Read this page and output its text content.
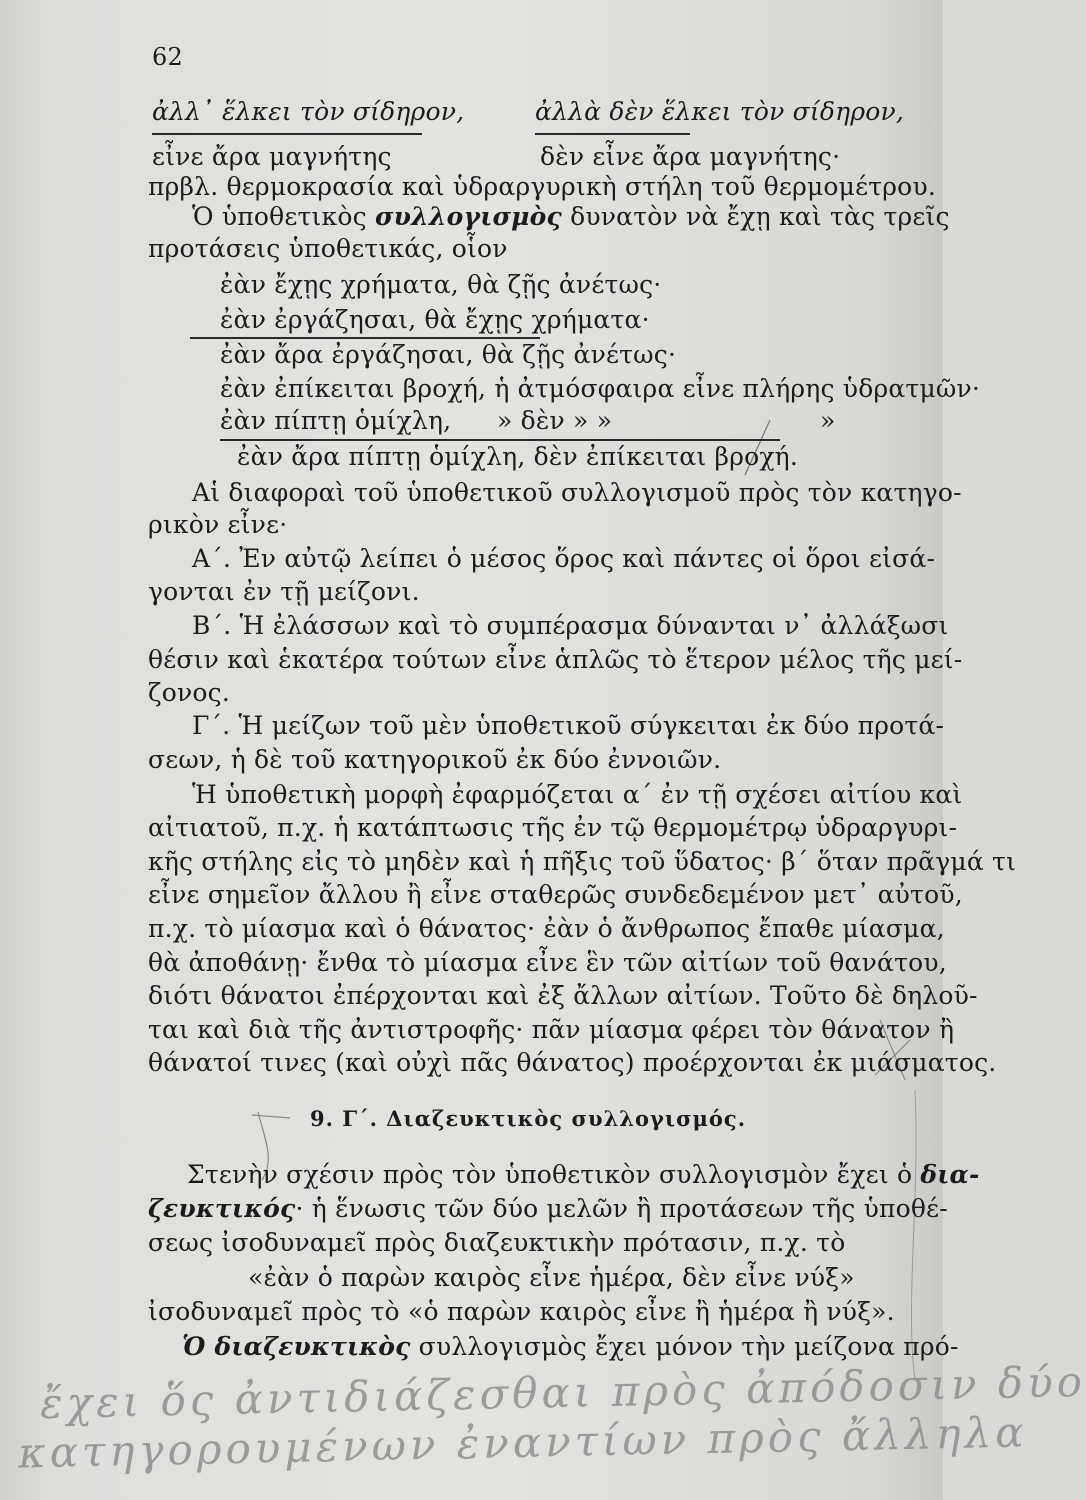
62
ἀλλ᾽ ἕλκει τὸν σίδηρον,	ἀλλὰ δὲν ἕλκει τὸν σίδηρον,
εἶνε ἄρα μαγνήτης	δὲν εἶνε ἄρα μαγνήτης·
πρβλ. θερμοκρασία καὶ ὑδραργυρικὴ στήλη τοῦ θερμομέτρου.
Ὁ ὑποθετικὸς συλλογισμὸς δυνατὸν νὰ ἔχῃ καὶ τὰς τρεῖς
προτάσεις ὑποθετικάς, οἷον
ἐὰν ἔχῃς χρήματα, θὰ ζῇς ἀνέτως·
ἐὰν ἐργάζησαι, θὰ ἔχῃς χρήματα·
ἐὰν ἄρα ἐργάζησαι, θὰ ζῇς ἀνέτως·
ἐὰν ἐπίκειται βροχή, ἡ ἀτμόσφαιρα εἶνε πλήρης ὑδρατμῶν·
ἐὰν πίπτῃ ὁμίχλη, » δὲν » »	»
ἐὰν ἄρα πίπτῃ ὁμίχλη, δὲν ἐπίκειται βροχή.
Αἱ διαφοραὶ τοῦ ὑποθετικοῦ συλλογισμοῦ πρὸς τὸν κατηγο-
ρικὸν εἶνε·
Α΄. Ἐν αὐτῷ λείπει ὁ μέσος ὅρος καὶ πάντες οἱ ὅροι εἰσά-
γονται ἐν τῇ μείζονι.
Β΄. Ἡ ἐλάσσων καὶ τὸ συμπέρασμα δύνανται ν᾽ ἀλλάξωσι
θέσιν καὶ ἑκατέρα τούτων εἶνε ἁπλῶς τὸ ἕτερον μέλος τῆς μεί-
ζονος.
Γ΄. Ἡ μείζων τοῦ μὲν ὑποθετικοῦ σύγκειται ἐκ δύο προτά-
σεων, ἡ δὲ τοῦ κατηγορικοῦ ἐκ δύο ἐννοιῶν.
Ἡ ὑποθετικὴ μορφὴ ἐφαρμόζεται α΄ ἐν τῇ σχέσει αἰτίου καὶ
αἰτιατοῦ, π.χ. ἡ κατάπτωσις τῆς ἐν τῷ θερμομέτρῳ ὑδραργυρι-
κῆς στήλης εἰς τὸ μηδὲν καὶ ἡ πῆξις τοῦ ὕδατος· β΄ ὅταν πρᾶγμά τι
εἶνε σημεῖον ἄλλου ἢ εἶνε σταθερῶς συνδεδεμένον μετ᾽ αὐτοῦ,
π.χ. τὸ μίασμα καὶ ὁ θάνατος· ἐὰν ὁ ἄνθρωπος ἔπαθε μίασμα,
θὰ ἀποθάνῃ· ἔνθα τὸ μίασμα εἶνε ἓν τῶν αἰτίων τοῦ θανάτου,
διότι θάνατοι ἐπέρχονται καὶ ἐξ ἄλλων αἰτίων. Τοῦτο δὲ δηλοῦ-
ται καὶ διὰ τῆς ἀντιστροφῆς· πᾶν μίασμα φέρει τὸν θάνατον ἢ
θάνατοί τινες (καὶ οὐχὶ πᾶς θάνατος) προέρχονται ἐκ μιάσματος.
9. Γ΄. Διαζευκτικὸς συλλογισμός.
Στενὴν σχέσιν πρὸς τὸν ὑποθετικὸν συλλογισμὸν ἔχει ὁ δια-
ζευκτικός· ἡ ἕνωσις τῶν δύο μελῶν ἢ προτάσεων τῆς ὑποθέ-
σεως ἰσοδυναμεῖ πρὸς διαζευκτικὴν πρότασιν, π.χ. τὸ
«ἐὰν ὁ παρὼν καιρὸς εἶνε ἡμέρα, δὲν εἶνε νύξ»
ἰσοδυναμεῖ πρὸς τὸ «ὁ παρὼν καιρὸς εἶνε ἢ ἡμέρα ἢ νύξ».
Ὁ διαζευκτικὸς συλλογισμὸς ἔχει μόνον τὴν μείζονα πρό-
ἔχει ὅς ἀντιδιάζεσθαι πρὸς ἀπόδοσιν δύο
κατηγορουμένων ἐναντίων πρὸς ἄλληλα
